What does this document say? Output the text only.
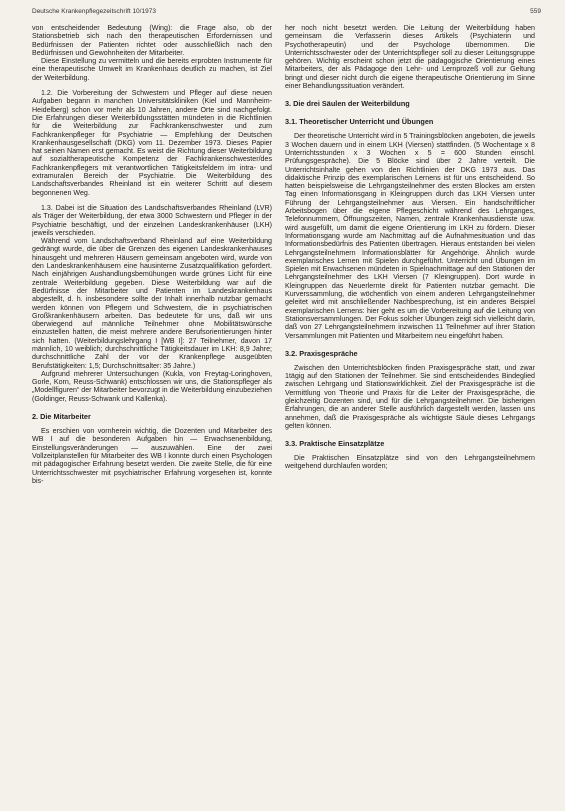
Deutsche Krankenpflegezeitschrift 10/1973	559

von entscheidender Bedeutung (Wing): die Frage also, ob der Stationsbetrieb sich nach den therapeutischen Erfordernissen und Bedürfnissen der Patienten richtet oder ausschließlich nach den Bedürfnissen und Gewohnheiten der Mitarbeiter.

Diese Einstellung zu vermitteln und die bereits erprobten Instrumente für eine therapeutische Umwelt im Krankenhaus deutlich zu machen, ist Ziel der Weiterbildung.

1.2. Die Vorbereitung der Schwestern und Pfleger auf diese neuen Aufgaben begann in manchen Universitätskliniken (Kiel und Mannheim-Heidelberg) schon vor mehr als 10 Jahren, andere Orte sind nachgefolgt. Die Erfahrungen dieser Weiterbildungsstätten mündeten in die Richtlinien für die Weiterbildung zur Fachkrankenschwester und zum Fachkrankenpfleger für Psychiatrie — Empfehlung der Deutschen Krankenhausgesellschaft (DKG) vom 11. Dezember 1973. Dieses Papier hat seinen Namen erst gemacht. Es weist die Richtung dieser Weiterbildung auf sozialtherapeutische Kompetenz der Fachkrankenschwester/des Fachkrankenpflegers mit verantwortlichen Tätigkeitsfeldern im intra- und extramuralen Bereich der Psychiatrie. Die Weiterbildung des Landschaftsverbandes Rheinland ist ein weiterer Schritt auf diesem begonnenen Weg.

1.3. Dabei ist die Situation des Landschaftsverbandes Rheinland (LVR) als Träger der Weiterbildung, der etwa 3000 Schwestern und Pfleger in der Psychiatrie beschäftigt, und der einzelnen Landeskrankenhäuser (LKH) jeweils verschieden.

Während vom Landschaftsverband Rheinland auf eine Weiterbildung gedrängt wurde, die über die Grenzen des eigenen Landeskrankenhauses hinausgeht und mehreren Häusern gemeinsam angeboten wird, wurde von den Landeskrankenhäusern eine hausinterne Zusatzqualifikation gefordert. Nach einjährigen Aushandlungsbemühungen wurde grünes Licht für eine zentrale Weiterbildung gegeben. Diese Weiterbildung war auf die Bedürfnisse der Mitarbeiter und Patienten im Landeskrankenhaus abgestellt, d. h. insbesondere sollte der Inhalt innerhalb nutzbar gemacht werden können von Pflegern und Schwestern, die in psychiatrischen Großkrankenhäusern arbeiten. Das bedeutete für uns, daß wir uns überwiegend auf männliche Teilnehmer ohne Mobilitätswünsche einzustellen hatten, die meist mehrere andere Berufsorientierungen hinter sich hatten. (Weiterbildungslehrgang I [WB I]: 27 Teilnehmer, davon 17 männlich, 10 weiblich; durchschnittliche Tätigkeitsdauer im LKH: 8,9 Jahre; durchschnittliche Zahl der vor der Krankenpflege ausgeübten Berufstätigkeiten: 1,5; Durchschnittsalter: 35 Jahre.)

Aufgrund mehrerer Untersuchungen (Kukla, von Freytag-Loringhoven, Gorle, Korn, Reuss-Schwank) entschlossen wir uns, die Stationspfleger als „Modellfiguren“ der Mitarbeiter bevorzugt in die Weiterbildung einzubeziehen (Goldinger, Reuss-Schwank und Kallenka).

2. Die Mitarbeiter

Es erschien von vornherein wichtig, die Dozenten und Mitarbeiter des WB I auf die besonderen Aufgaben hin — Erwachsenenbildung, Einstellungsveränderungen — auszuwählen. Eine der zwei Vollzeitplanstellen für Mitarbeiter des WB I konnte durch einen Psychologen mit pädagogischer Erfahrung besetzt werden. Die zweite Stelle, die für eine Unterrichtsschwester mit psychiatrischer Erfahrung vorgesehen ist, konnte bis-

her noch nicht besetzt werden. Die Leitung der Weiterbildung haben gemeinsam die Verfasserin dieses Artikels (Psychiaterin und Psychotherapeutin) und der Psychologe übernommen. Die Unterrichtsschwester oder der Unterrichtspfleger soll zu dieser Leitungsgruppe gehören. Wichtig erscheint schon jetzt die pädagogische Orientierung eines Mitarbeiters, der als Pädagoge den Lehr- und Lernprozeß voll zur Geltung bringt und dieser nicht durch die eigene therapeutische Orientierung im Sinne einer Behandlungssituation verändert.

3. Die drei Säulen der Weiterbildung
3.1. Theoretischer Unterricht und Übungen

Der theoretische Unterricht wird in 5 Trainingsblöcken angeboten, die jeweils 3 Wochen dauern und in einem LKH (Viersen) stattfinden. (5 Wochentage x 8 Unterrichtsstunden x 3 Wochen x 5 = 600 Stunden einschl. Prüfungsgespräche). Die 5 Blöcke sind über 2 Jahre verteilt. Die Unterrichtsinhalte gehen von den Richtlinien der DKG 1973 aus. Das didaktische Prinzip des exemplarischen Lernens ist für uns entscheidend. So hatten beispielsweise die Lehrgangsteilnehmer des ersten Blockes am ersten Tag einen Informationsgang in Kleingruppen durch das LKH Viersen unter Führung der Lehrgangsteilnehmer aus Viersen. Ein handschriftlicher Arbeitsbogen über die eigene Pflegeschicht während des Lehrganges, Telefonnummern, Öffnungszeiten, Namen, zentrale Krankenhausdienste usw. wird ausgefüllt, um damit die eigene Orientierung im LKH zu fördern. Dieser Informationsgang wurde am Nachmittag auf die Aufnahmesituation und das Informationsbedürfnis des Patienten übertragen. Hieraus entstanden bei vielen Lehrgangsteilnehmern Informationsblätter für Angehörige. Ähnlich wurde exemplarisches Lernen mit Spielen durchgeführt. Unterricht und Übungen im Spielen mit Erwachsenen mündeten in Spielnachmittage auf den Stationen der Lehrgangsteilnehmer des LKH Viersen (7 Kleingruppen). Dort wurde in Kleingruppen das Neuerlernte direkt für Patienten nutzbar gemacht. Die Kurverssammlung, die wöchentlich von einem anderen Lehrgangsteilnehmer geleitet wird mit anschließender Nachbesprechung, ist ein anderes Beispiel exemplarischen Lernens: hier geht es um die Vorbereitung auf die Leitung von Stationsversammlungen. Der Fokus solcher Übungen zeigt sich vielleicht darin, daß von 27 Lehrgangsteilnehmern inzwischen 11 Teilnehmer auf ihrer Station Versammlungen mit Patienten und Mitarbeitern neu eingeführt haben.

3.2. Praxisgespräche

Zwischen den Unterrichtsblöcken finden Praxisgespräche statt, und zwar 1tägig auf den Stationen der Teilnehmer. Sie sind entscheidendes Bindeglied zwischen Lehrgang und Stationswirklichkeit. Ziel der Praxisgespräche ist die Vermittlung von Theorie und Praxis für die Leiter der Praxisgespräche, die gleichzeitig Dozenten sind, und für die Lehrgangsteilnehmer. Die bisherigen Erfahrungen, die an anderer Stelle ausführlich dargestellt werden, lassen uns annehmen, daß die Praxisgespräche als wichtigste Säule dieses Lehrgangs gelten können.

3.3. Praktische Einsatzplätze

Die Praktischen Einsatzplätze sind von den Lehrgangsteilnehmern weitgehend durchlaufen worden;
